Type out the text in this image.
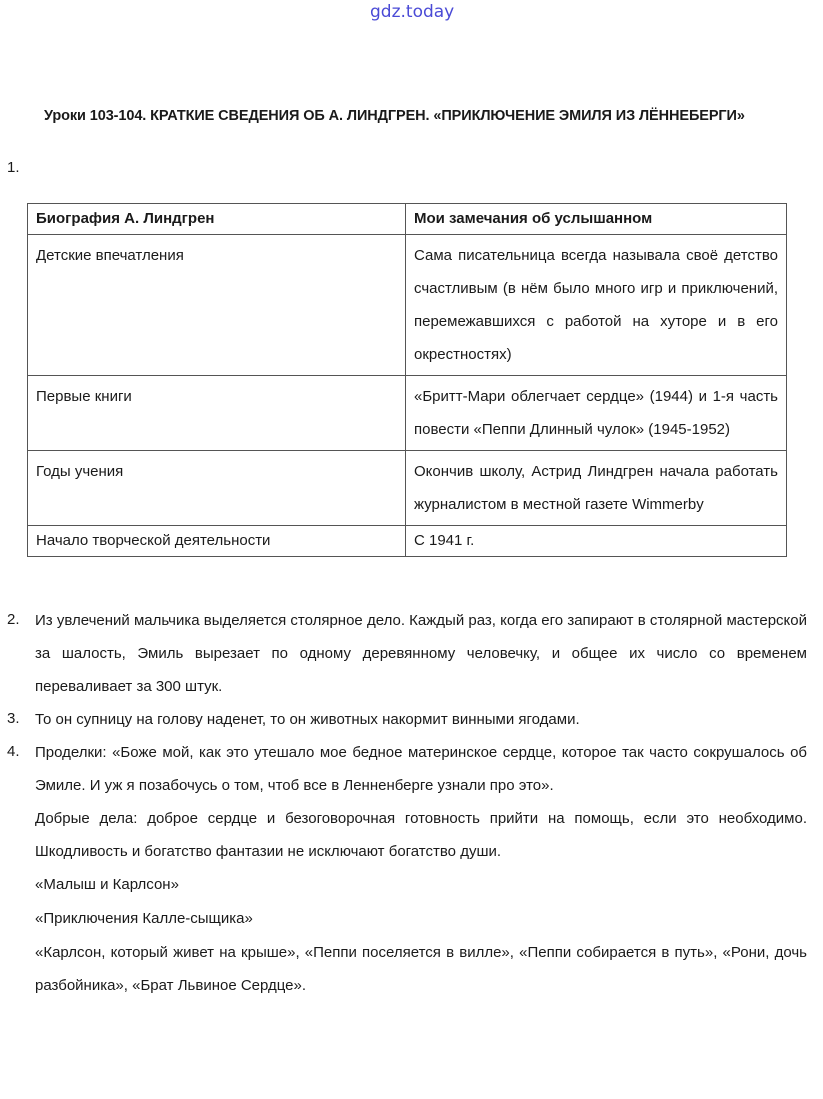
gdz.today
Уроки 103-104. КРАТКИЕ СВЕДЕНИЯ ОБ А. ЛИНДГРЕН. «ПРИКЛЮЧЕНИЕ ЭМИЛЯ ИЗ ЛЁННЕБЕРГИ»
1.
Биография А. Линдгрен	Мои замечания об услышанном
Детские впечатления	Сама писательница всегда называла своё детство счастливым (в нём было много игр и приключений, перемежавшихся с работой на хуторе и в его окрестностях)
Первые книги	«Бритт-Мари облегчает сердце» (1944) и 1-я часть повести «Пеппи Длинный чулок» (1945-1952)
Годы учения	Окончив школу, Астрид Линдгрен начала работать журналистом в местной газете Wimmerby
Начало творческой деятельности	С 1941 г.
2. Из увлечений мальчика выделяется столярное дело. Каждый раз, когда его запирают в столярной мастерской за шалость, Эмиль вырезает по одному деревянному человечку, и общее их число со временем переваливает за 300 штук.
3. То он супницу на голову наденет, то он животных накормит винными ягодами.
4. Проделки: «Боже мой, как это утешало мое бедное материнское сердце, которое так часто сокрушалось об Эмиле. И уж я позабочусь о том, чтоб все в Ленненберге узнали про это».
Добрые дела: доброе сердце и безоговорочная готовность прийти на помощь, если это необходимо. Шкодливость и богатство фантазии не исключают богатство души.
«Малыш и Карлсон»
«Приключения Калле-сыщика»
«Карлсон, который живет на крыше», «Пеппи поселяется в вилле», «Пеппи собирается в путь», «Рони, дочь разбойника», «Брат Львиное Сердце».
